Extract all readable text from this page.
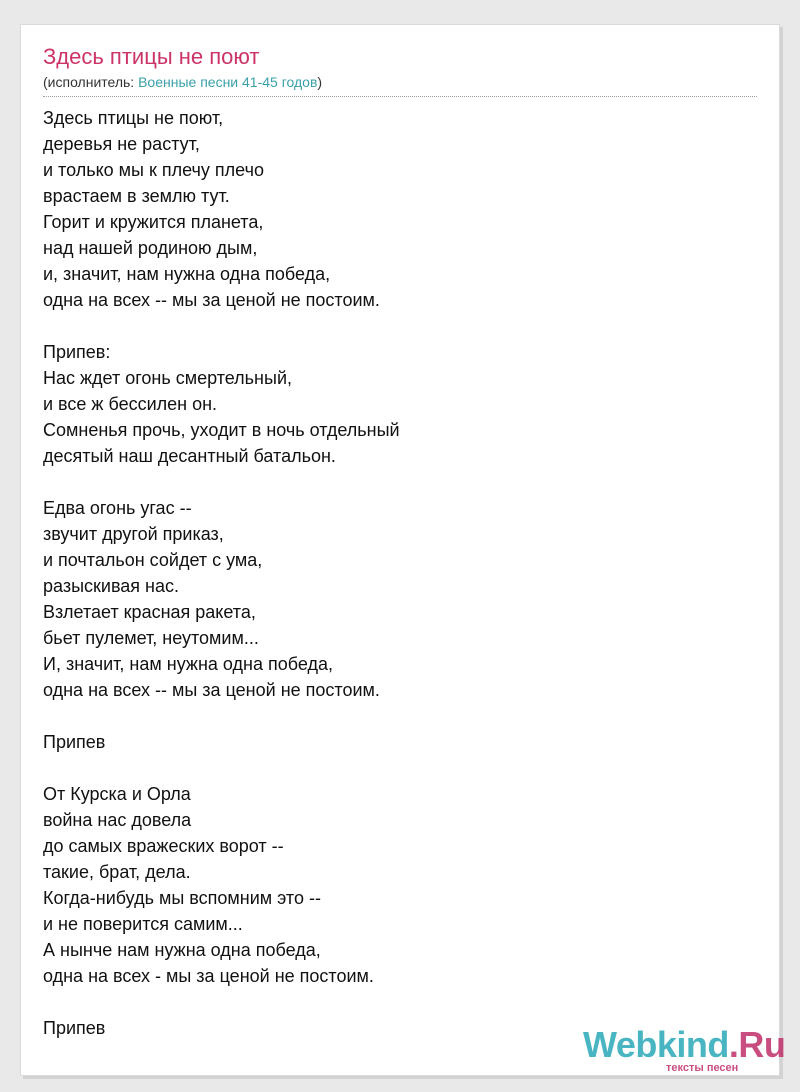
Здесь птицы не поют
(исполнитель: Военные песни 41-45 годов)
Здесь птицы не поют,
деревья не растут,
и только мы к плечу плечо
врастаем в землю тут.
Горит и кружится планета,
над нашей родиною дым,
и, значит, нам нужна одна победа,
одна на всех -- мы за ценой не постоим.

Припев:
Нас ждет огонь смертельный,
и все ж бессилен он.
Сомненья прочь, уходит в ночь отдельный
десятый наш десантный батальон.

Едва огонь угас --
звучит другой приказ,
и почтальон сойдет с ума,
разыскивая нас.
Взлетает красная ракета,
бьет пулемет, неутомим...
И, значит, нам нужна одна победа,
одна на всех -- мы за ценой не постоим.

Припев

От Курска и Орла
война нас довела
до самых вражеских ворот --
такие, брат, дела.
Когда-нибудь мы вспомним это --
и не поверится самим...
А нынче нам нужна одна победа,
одна на всех - мы за ценой не постоим.

Припев	Webkind.Ru
тексты песен
